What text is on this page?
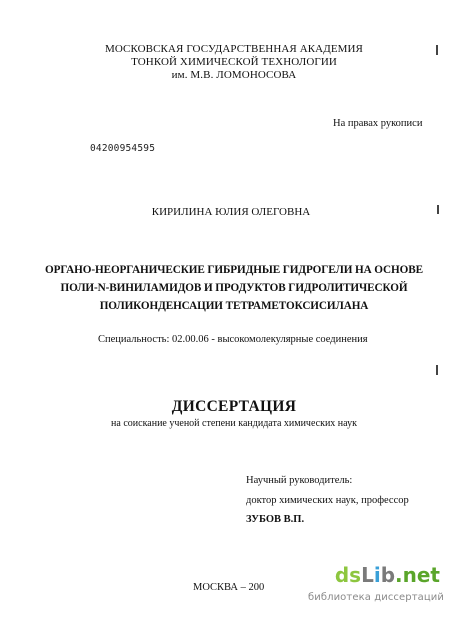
МОСКОВСКАЯ ГОСУДАРСТВЕННАЯ АКАДЕМИЯ
ТОНКОЙ ХИМИЧЕСКОЙ ТЕХНОЛОГИИ
им. М.В. ЛОМОНОСОВА
На правах рукописи
04200954595
КИРИЛИНА ЮЛИЯ ОЛЕГОВНА
ОРГАНО-НЕОРГАНИЧЕСКИЕ ГИБРИДНЫЕ ГИДРОГЕЛИ НА ОСНОВЕ
ПОЛИ-N-ВИНИЛАМИДОВ И ПРОДУКТОВ ГИДРОЛИТИЧЕСКОЙ
ПОЛИКОНДЕНСАЦИИ ТЕТРАМЕТОКСИСИЛАНА
Специальность: 02.00.06 - высокомолекулярные соединения
ДИССЕРТАЦИЯ
на соискание ученой степени кандидата химических наук
Научный руководитель:
доктор химических наук, профессор
ЗУБОВ В.П.
МОСКВА – 200
dsLib.net
библиотека диссертаций
